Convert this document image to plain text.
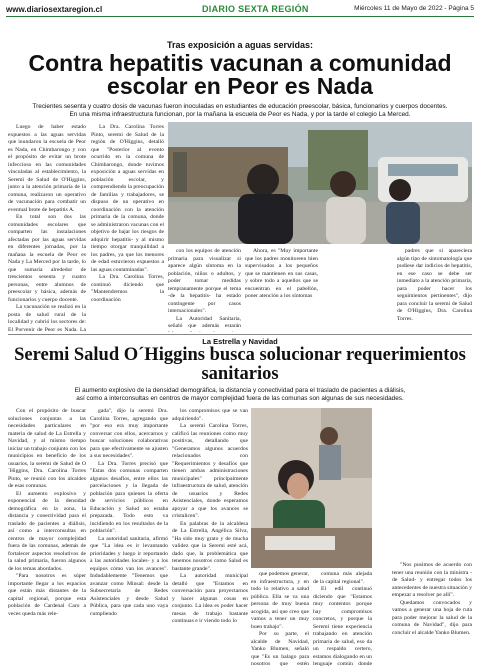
www.diariosextaregion.cl	DIARIO SEXTA REGIÓN	Miércoles 11 de Mayo de 2022 - Página 5
Tras exposición a aguas servidas:
Contra hepatitis vacunan a comunidad escolar en Peor es Nada
Trecientes sesenta y cuatro dosis de vacunas fueron inoculadas en estudiantes de educación preescolar, básica, funcionarios y cuerpos docentes.
En una misma infraestructura funcionan, por la mañana la escuela de Peor es Nada, y por la tarde el colegio La Merced.

Luego de haber estado expuestos a las aguas servidas que inundaron la escuela de Peor es Nada, en Chimbarongo y con el propósito de evitar un brote infeccioso en las comunidades vinculadas al establecimiento, la Seremi de Salud de O'Higgins, junto a la atención primaria de la comuna, realizaron un operativo de vacunación para combatir un eventual brote de hepatitis A.

En total son dos las comunidades escolares que comparten las instalaciones afectadas por las aguas servidas en diferentes jornadas, por la mañana la escuela de Peor es Nada y La Merced por la tarde, lo que sumaría alrededor de trescientos sesenta y cuatro personas, entre alumnos de preescolar y básica, además de funcionarios y cuerpo docente.

La vacunación se realizó en la posta de salud rural de la localidad y cubrió los sectores de: El Porvenir de Peor es Nada, La

La Dra. Carolina Torres Pinto, seremi de Salud de la región de O'Higgins, detalló que "Posterior al evento ocurrido en la comuna de Chimbarongo, donde tuvimos exposición a aguas servidas en población escolar, y comprendiendo la preocupación de familias y trabajadores, se dispuso de un operativo en coordinación con la atención primaria de la comuna, donde se administraron vacunas con el objetivo de bajar los riesgos de adquirir hepatitis- y al mismo tiempo otorgar tranquilidad a los padres, ya que los menores de edad estuvieron expuestos a las aguas contaminadas".

La Dra. Carolina Torres, continuó diciendo que "Mantendremos la coordinación

con los equipos de atención primaria para visualizar si aparece algún síntoma en la población, niños o adultos, y poder tomar medidas tempranamente porque el tema -de la hepatitis- ha estado contingente por casos internacionales".

La Autoridad Sanitaria, señaló que además estarán

Ahora, es "Muy importante que los padres monitoreen bien supervisados a los pequeños que se mantienen en sus casas, y sobre todo a aquellos que se encuentran en el pabellón, poner atención a los síntomas

padres que si apareciera algún tipo de sintomatología que pudiese dar indicios de hepatitis, en ese caso se debe ser inmediato a la atención primaria, para poder hacer los seguimientos pertinentes", dijo para concluir la seremi de Salud de O'Higgins, Dra. Carolina Torres.

La Estrella y Navidad
Seremi Salud O´Higgins busca solucionar requerimientos sanitarios
El aumento explosivo de la densidad demográfica, la distancia y conectividad para el traslado de pacientes a diálisis,
así como a interconsultas en centros de mayor complejidad fuera de las comunas son algunas de sus necesidades.

Con el propósito de buscar soluciones conjuntas a las necesidades particulares en materia de salud de La Estrella y Navidad, y al mismo tiempo iniciar un trabajo conjunto con los municipios en beneficio de los usuarios, la seremi de Salud de O´Higgins, Dra. Carolina Torres Pinto, se reunió con los alcaldes de esas comunas.

El aumento explosivo y exponencial de la densidad demográfica en la zona, la distancia y conectividad para el traslado de pacientes a diálisis, así como a interconsultas en centros de mayor complejidad fuera de las comunas, además de fortalecer aspectos resolutivos de la salud primaria, fueron algunos de los temas abordados.

"Para nosotros es súper importante llegar a los espacios que están más distantes de la capital regional, porque esta población de Cardenal Caro a veces queda más rele-

gada", dijo la seremi Dra. Carolina Torres, agregando que "por eso era muy importante conversar con ellos, acercarnos y buscar soluciones colaborativas para que efectivamente se ajusten a sus necesidades".

La Dra. Torres precisó que "Estas dos comunas comparten algunos desafíos, entre ellos las parcelaciones y la llegada de población para quienes la oferta de servicios públicos en Educación y Salud no estaba preparada. Todo esto va incidiendo en los resultados de la población".

La autoridad sanitaria, afirmó que "La idea es ir levantando prioridades y luego ir reportando a las autoridades locales- y a los equipos cómo van los avances". Indudablemente "Tenemos que avanzar como Minsal: desde la Subsecretaría de Redes Asistenciales y desde Salud Pública, para que cada uno vaya cumpliendo

los compromisos que se van adquiriendo".

La seremi Carolina Torres, calificó las reuniones como muy positivas, detallando que "Generamos algunos acuerdos relacionados con "Requerimientos y desafíos que tienen ambas administraciones municipales" principalmente infraestructura de salud, atención de usuarios y Redes Asistenciales, donde esperamos apoyar a que los avances se cristalicen".

En palabras de la alcaldesa de La Estrella, Angélica Silva, "Ha sido muy grato y de mucha validez que la Seremi esté acá, dado que, la problemática que tenemos nosotros como Salud es bastante grande".

La autoridad municipal detalló que "Estamos en conversación para proyectarnos y hacer algunas cosas en conjunto. La idea es poder hacer mesas de trabajo bastante continuas e ir viendo todo lo

que podemos generar, en infraestructura, y en todo lo relativo a salud pública. Ella se va una persona de muy buena acogida, así que creo que vamos a tener un muy buen trabajo".

Por su parte, el alcalde de Navidad, Yanko Blumen, señaló que "Es un halago para nosotros que estén

comuna más alejada de la capital regional".

El edil continuó diciendo que "Estamos muy contentos porque hay compromisos concretos, y porque la Seremi tiene experiencia trabajando en atención primaria de salud, eso da un respaldo certero, estamos dialogando en un lenguaje común donde

"Nos pusimos de acuerdo con tener una reunión con la ministra -de Salud- y entregar todos los antecedentes de nuestra situación y empezar a resolver pe allí".

Quedamos convocados y vamos a generar una hoja de ruta para poder mejorar la salud de la comuna de Navidad", dijo para concluir el alcalde Yanko Blumen.
